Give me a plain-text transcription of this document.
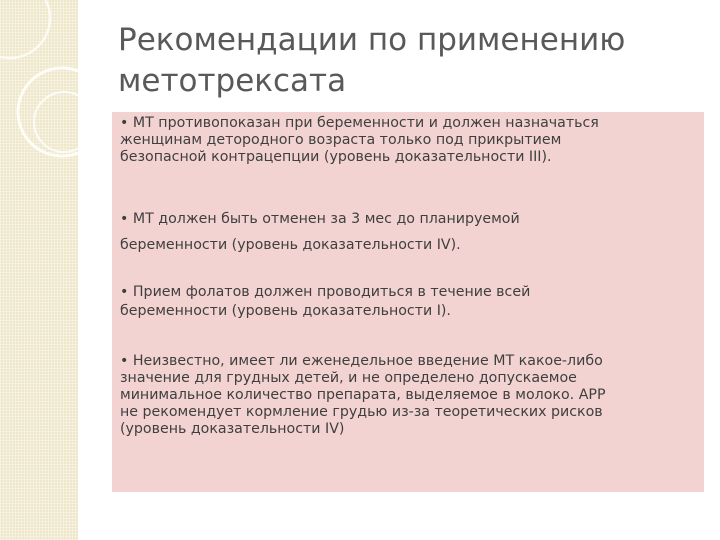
Рекомендации по применению
метотрексата

• МТ противопоказан при беременности и должен назначаться
женщинам детородного возраста только под прикрытием
безопасной контрацепции (уровень доказательности III).

• МТ должен быть отменен за 3 мес до планируемой
беременности (уровень доказательности IV).

• Прием фолатов должен проводиться в течение всей
беременности (уровень доказательности I).

• Неизвестно, имеет ли еженедельное введение МТ какое-либо
значение для грудных детей, и не определено допускаемое
минимальное количество препарата, выделяемое в молоко. АРР
не рекомендует кормление грудью из-за теоретических рисков
(уровень доказательности IV)
